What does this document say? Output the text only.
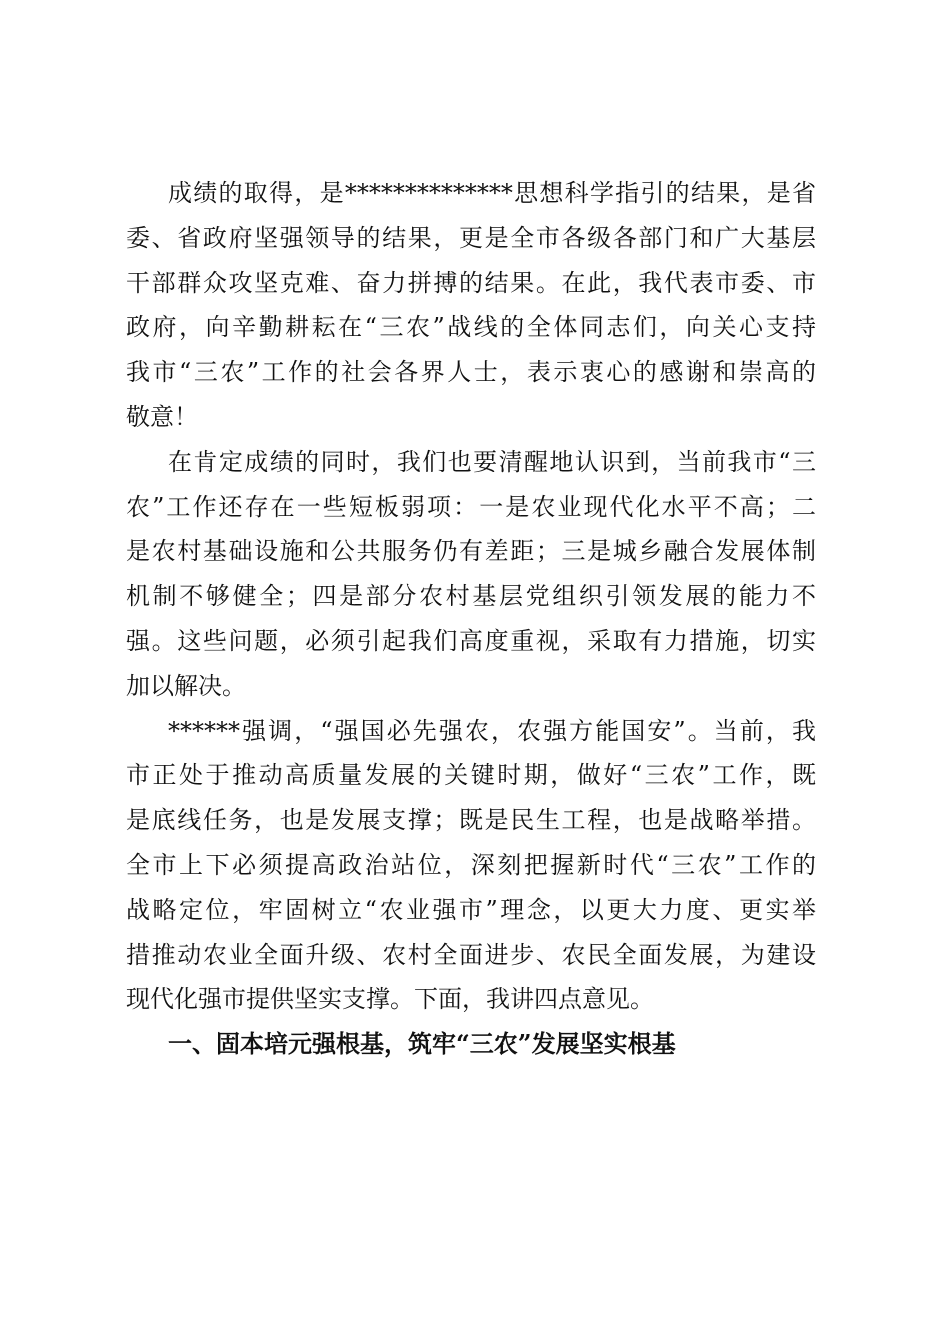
成绩的取得，是**************思想科学指引的结果，是省
委、省政府坚强领导的结果，更是全市各级各部门和广大基层
干部群众攻坚克难、奋力拼搏的结果。在此，我代表市委、市
政府，向辛勤耕耘在“三农”战线的全体同志们，向关心支持
我市“三农”工作的社会各界人士，表示衷心的感谢和崇高的
敬意！
在肯定成绩的同时，我们也要清醒地认识到，当前我市“三
农”工作还存在一些短板弱项：一是农业现代化水平不高；二
是农村基础设施和公共服务仍有差距；三是城乡融合发展体制
机制不够健全；四是部分农村基层党组织引领发展的能力不
强。这些问题，必须引起我们高度重视，采取有力措施，切实
加以解决。
******强调，“强国必先强农，农强方能国安”。当前，我
市正处于推动高质量发展的关键时期，做好“三农”工作，既
是底线任务，也是发展支撑；既是民生工程，也是战略举措。
全市上下必须提高政治站位，深刻把握新时代“三农”工作的
战略定位，牢固树立“农业强市”理念，以更大力度、更实举
措推动农业全面升级、农村全面进步、农民全面发展，为建设
现代化强市提供坚实支撑。下面，我讲四点意见。
一、固本培元强根基，筑牢“三农”发展坚实根基
